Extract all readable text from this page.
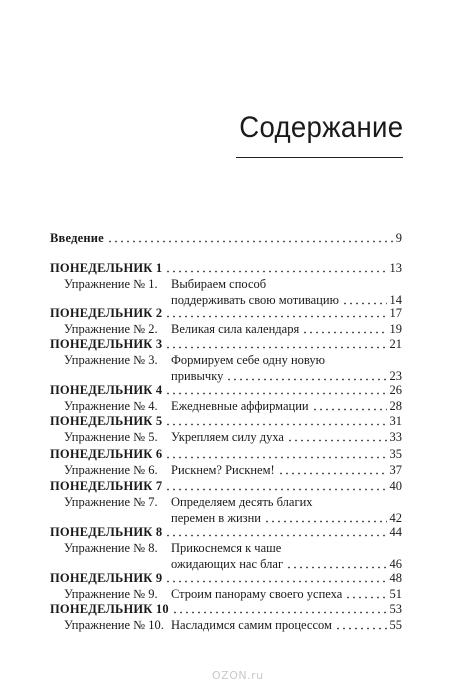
Содержание
Введение	9
ПОНЕДЕЛЬНИК 1	13
Упражнение № 1. Выбираем способ
поддерживать свою мотивацию	14
ПОНЕДЕЛЬНИК 2	17
Упражнение № 2. Великая сила календаря	19
ПОНЕДЕЛЬНИК 3	21
Упражнение № 3. Формируем себе одну новую
привычку	23
ПОНЕДЕЛЬНИК 4	26
Упражнение № 4. Ежедневные аффирмации	28
ПОНЕДЕЛЬНИК 5	31
Упражнение № 5. Укрепляем силу духа	33
ПОНЕДЕЛЬНИК 6	35
Упражнение № 6. Рискнем? Рискнем!	37
ПОНЕДЕЛЬНИК 7	40
Упражнение № 7. Определяем десять благих
перемен в жизни	42
ПОНЕДЕЛЬНИК 8	44
Упражнение № 8. Прикоснемся к чаше
ожидающих нас благ	46
ПОНЕДЕЛЬНИК 9	48
Упражнение № 9. Строим панораму своего успеха	51
ПОНЕДЕЛЬНИК 10	53
Упражнение № 10. Насладимся самим процессом	55
OZON.ru
